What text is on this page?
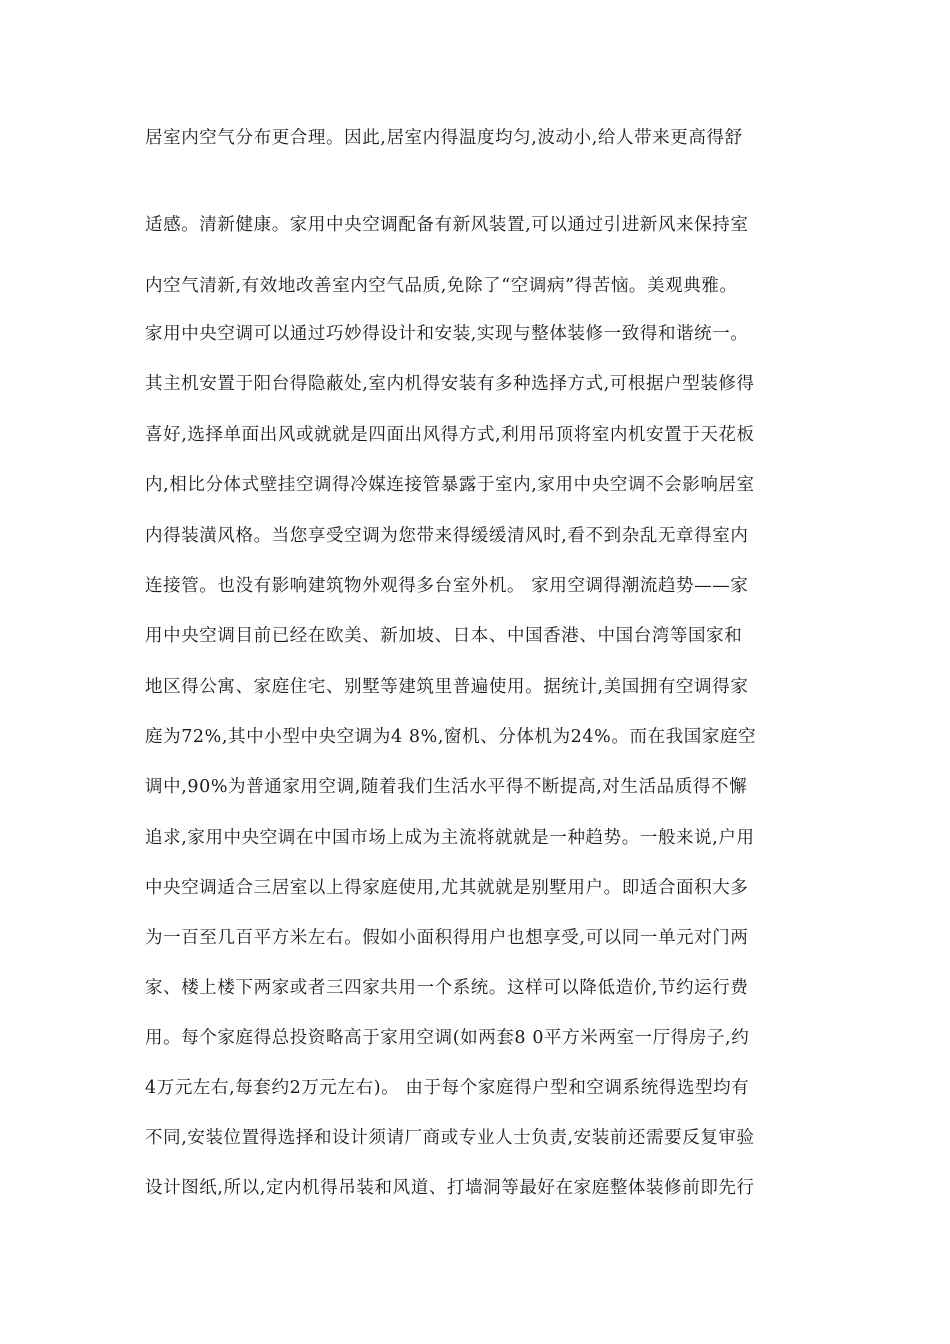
居室内空气分布更合理。因此,居室内得温度均匀,波动小,给人带来更高得舒

适感。清新健康。家用中央空调配备有新风装置,可以通过引进新风来保持室

内空气清新,有效地改善室内空气品质,免除了“空调病”得苦恼。美观典雅。

家用中央空调可以通过巧妙得设计和安装,实现与整体装修一致得和谐统一。

其主机安置于阳台得隐蔽处,室内机得安装有多种选择方式,可根据户型装修得

喜好,选择单面出风或就就是四面出风得方式,利用吊顶将室内机安置于天花板

内,相比分体式壁挂空调得冷媒连接管暴露于室内,家用中央空调不会影响居室

内得装潢风格。当您享受空调为您带来得缓缓清风时,看不到杂乱无章得室内

连接管。也没有影响建筑物外观得多台室外机。 家用空调得潮流趋势——家

用中央空调目前已经在欧美、新加坡、日本、中国香港、中国台湾等国家和

地区得公寓、家庭住宅、别墅等建筑里普遍使用。据统计,美国拥有空调得家

庭为72%,其中小型中央空调为4 8%,窗机、分体机为24%。而在我国家庭空

调中,90%为普通家用空调,随着我们生活水平得不断提高,对生活品质得不懈

追求,家用中央空调在中国市场上成为主流将就就是一种趋势。一般来说,户用

中央空调适合三居室以上得家庭使用,尤其就就是别墅用户。即适合面积大多

为一百至几百平方米左右。假如小面积得用户也想享受,可以同一单元对门两

家、楼上楼下两家或者三四家共用一个系统。这样可以降低造价,节约运行费

用。每个家庭得总投资略高于家用空调(如两套8 0平方米两室一厅得房子,约

4万元左右,每套约2万元左右)。 由于每个家庭得户型和空调系统得选型均有

不同,安装位置得选择和设计须请厂商或专业人士负责,安装前还需要反复审验

设计图纸,所以,定内机得吊装和风道、打墙洞等最好在家庭整体装修前即先行
